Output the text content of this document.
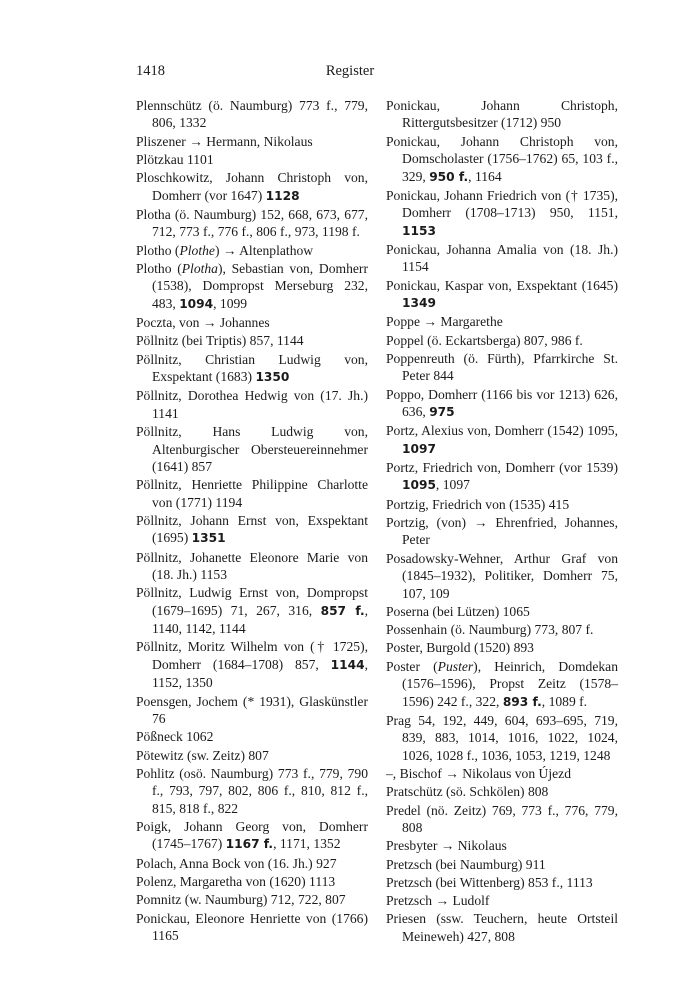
1418	Register
Plennschütz (ö. Naumburg) 773 f., 779, 806, 1332
Pliszener → Hermann, Nikolaus
Plötzkau 1101
Ploschkowitz, Johann Christoph von, Domherr (vor 1647) 1128
Plotha (ö. Naumburg) 152, 668, 673, 677, 712, 773 f., 776 f., 806 f., 973, 1198 f.
Plotho (Plothe) → Altenplathow
Plotho (Plotha), Sebastian von, Domherr (1538), Dompropst Merseburg 232, 483, 1094, 1099
Poczta, von → Johannes
Pöllnitz (bei Triptis) 857, 1144
Pöllnitz, Christian Ludwig von, Exspektant (1683) 1350
Pöllnitz, Dorothea Hedwig von (17. Jh.) 1141
Pöllnitz, Hans Ludwig von, Altenburgischer Obersteuereinnehmer (1641) 857
Pöllnitz, Henriette Philippine Charlotte von (1771) 1194
Pöllnitz, Johann Ernst von, Exspektant (1695) 1351
Pöllnitz, Johanette Eleonore Marie von (18. Jh.) 1153
Pöllnitz, Ludwig Ernst von, Dompropst (1679–1695) 71, 267, 316, 857 f., 1140, 1142, 1144
Pöllnitz, Moritz Wilhelm von († 1725), Domherr (1684–1708) 857, 1144, 1152, 1350
Poensgen, Jochem (* 1931), Glaskünstler 76
Pößneck 1062
Pötewitz (sw. Zeitz) 807
Pohlitz (osö. Naumburg) 773 f., 779, 790 f., 793, 797, 802, 806 f., 810, 812 f., 815, 818 f., 822
Poigk, Johann Georg von, Domherr (1745–1767) 1167 f., 1171, 1352
Polach, Anna Bock von (16. Jh.) 927
Polenz, Margaretha von (1620) 1113
Pomnitz (w. Naumburg) 712, 722, 807
Ponickau, Eleonore Henriette von (1766) 1165
Ponickau, Johann Christoph, Rittergutsbesitzer (1712) 950
Ponickau, Johann Christoph von, Domscholaster (1756–1762) 65, 103 f., 329, 950 f., 1164
Ponickau, Johann Friedrich von († 1735), Domherr (1708–1713) 950, 1151, 1153
Ponickau, Johanna Amalia von (18. Jh.) 1154
Ponickau, Kaspar von, Exspektant (1645) 1349
Poppe → Margarethe
Poppel (ö. Eckartsberga) 807, 986 f.
Poppenreuth (ö. Fürth), Pfarrkirche St. Peter 844
Poppo, Domherr (1166 bis vor 1213) 626, 636, 975
Portz, Alexius von, Domherr (1542) 1095, 1097
Portz, Friedrich von, Domherr (vor 1539) 1095, 1097
Portzig, Friedrich von (1535) 415
Portzig, (von) → Ehrenfried, Johannes, Peter
Posadowsky-Wehner, Arthur Graf von (1845–1932), Politiker, Domherr 75, 107, 109
Poserna (bei Lützen) 1065
Possenhain (ö. Naumburg) 773, 807 f.
Poster, Burgold (1520) 893
Poster (Puster), Heinrich, Domdekan (1576–1596), Propst Zeitz (1578–1596) 242 f., 322, 893 f., 1089 f.
Prag 54, 192, 449, 604, 693–695, 719, 839, 883, 1014, 1016, 1022, 1024, 1026, 1028 f., 1036, 1053, 1219, 1248
–, Bischof → Nikolaus von Újezd
Pratschütz (sö. Schkölen) 808
Predel (nö. Zeitz) 769, 773 f., 776, 779, 808
Presbyter → Nikolaus
Pretzsch (bei Naumburg) 911
Pretzsch (bei Wittenberg) 853 f., 1113
Pretzsch → Ludolf
Priesen (ssw. Teuchern, heute Ortsteil Meineweh) 427, 808
